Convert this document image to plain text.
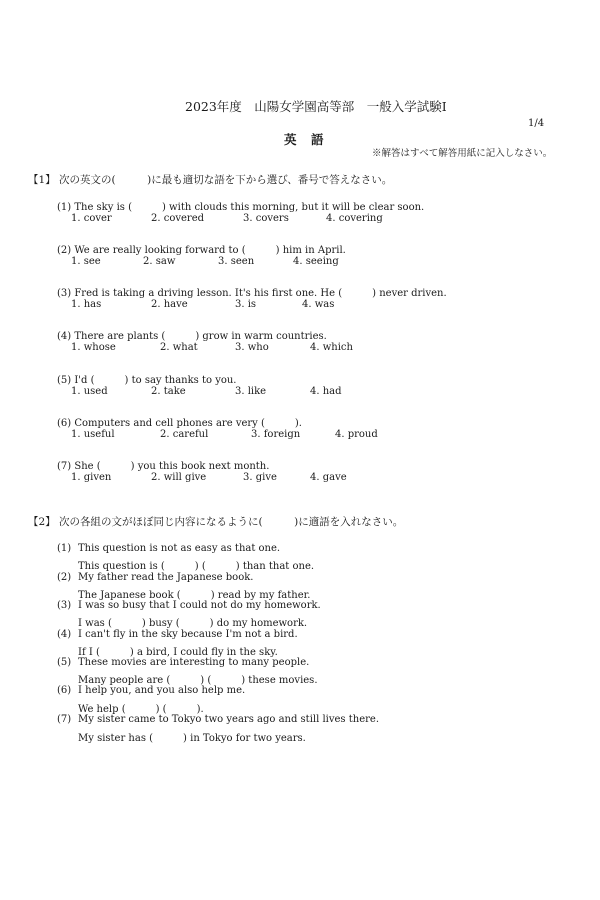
2023年度　山陽女学園高等部　一般入学試験Ⅰ
1/4
英　語
※解答はすべて解答用紙に記入しなさい。
【1】 次の英文の(　　　)に最も適切な語を下から選び、番号で答えなさい。
(1) The sky is (　　　) with clouds this morning, but it will be clear soon.
1. cover	2. covered	3. covers	4. covering
(2) We are really looking forward to (　　　) him in April.
1. see	2. saw	3. seen	4. seeing
(3) Fred is taking a driving lesson. It's his first one. He (　　　) never driven.
1. has	2. have	3. is	4. was
(4) There are plants (　　　) grow in warm countries.
1. whose	2. what	3. who	4. which
(5) I'd (　　　) to say thanks to you.
1. used	2. take	3. like	4. had
(6) Computers and cell phones are very (　　　).
1. useful	2. careful	3. foreign	4. proud
(7) She (　　　) you this book next month.
1. given	2. will give	3. give	4. gave
【2】 次の各組の文がほぼ同じ内容になるように(　　　)に適語を入れなさい。
(1) This question is not as easy as that one.
This question is (　　　) (　　　) than that one.
(2) My father read the Japanese book.
The Japanese book (　　　) read by my father.
(3) I was so busy that I could not do my homework.
I was (　　　) busy (　　　) do my homework.
(4) I can't fly in the sky because I'm not a bird.
If I (　　　) a bird, I could fly in the sky.
(5) These movies are interesting to many people.
Many people are (　　　) (　　　) these movies.
(6) I help you, and you also help me.
We help (　　　) (　　　).
(7) My sister came to Tokyo two years ago and still lives there.
My sister has (　　　) in Tokyo for two years.
